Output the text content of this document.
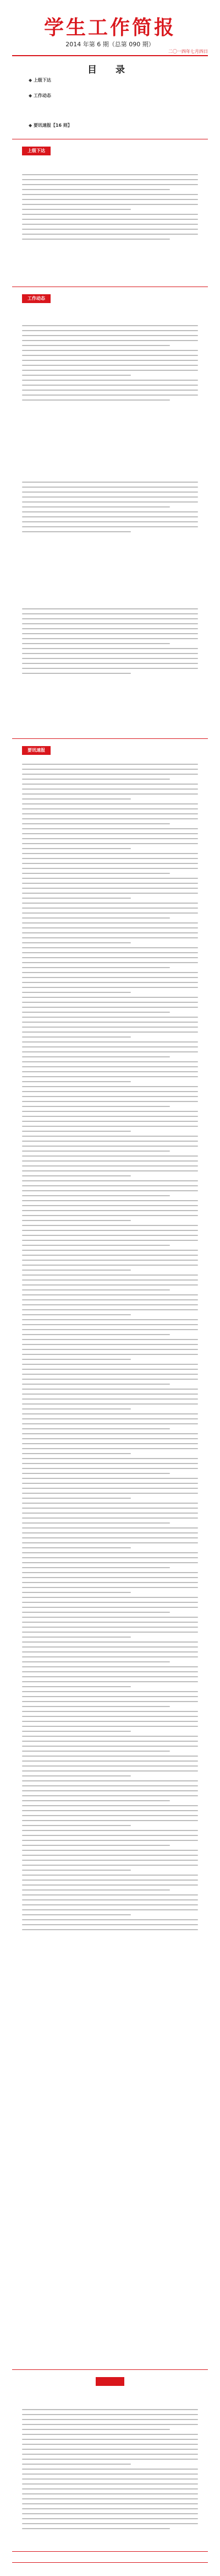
学生工作简报
2014 年第 6 期（总第 090 期）
二〇一四年七月四日
目 录
◆ 上级下达
◆ 工作动态
◆ 要讯速报【16 则】
上级下达
工作动态
要讯速报
